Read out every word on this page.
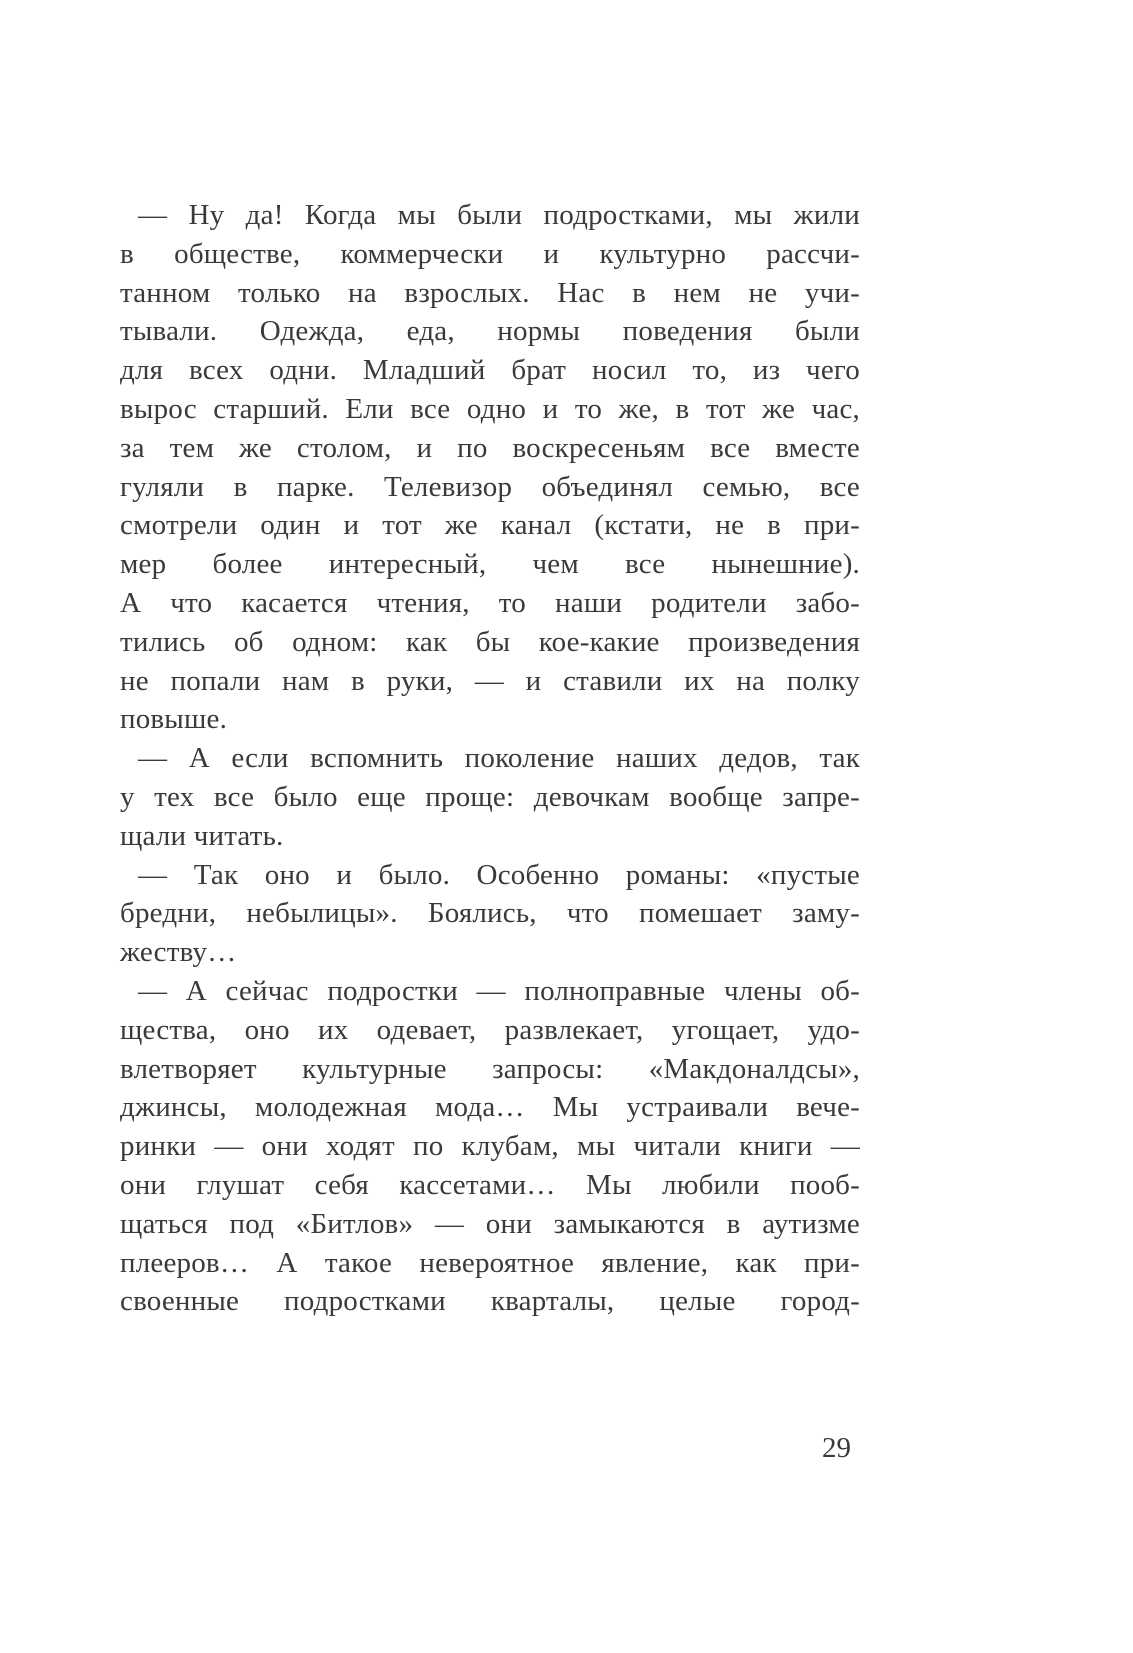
— Ну да! Когда мы были подростками, мы жили
в обществе, коммерчески и культурно рассчи-
танном только на взрослых. Нас в нем не учи-
тывали. Одежда, еда, нормы поведения были
для всех одни. Младший брат носил то, из чего
вырос старший. Ели все одно и то же, в тот же час,
за тем же столом, и по воскресеньям все вместе
гуляли в парке. Телевизор объединял семью, все
смотрели один и тот же канал (кстати, не в при-
мер более интересный, чем все нынешние).
А что касается чтения, то наши родители забо-
тились об одном: как бы кое-какие произведения
не попали нам в руки, — и ставили их на полку
повыше.
— А если вспомнить поколение наших дедов, так
у тех все было еще проще: девочкам вообще запре-
щали читать.
— Так оно и было. Особенно романы: «пустые
бредни, небылицы». Боялись, что помешает заму-
жеству…
— А сейчас подростки — полноправные члены об-
щества, оно их одевает, развлекает, угощает, удо-
влетворяет культурные запросы: «Макдоналдсы»,
джинсы, молодежная мода… Мы устраивали вече-
ринки — они ходят по клубам, мы читали книги —
они глушат себя кассетами… Мы любили пооб-
щаться под «Битлов» — они замыкаются в аутизме
плееров… А такое невероятное явление, как при-
своенные подростками кварталы, целые город-
29
